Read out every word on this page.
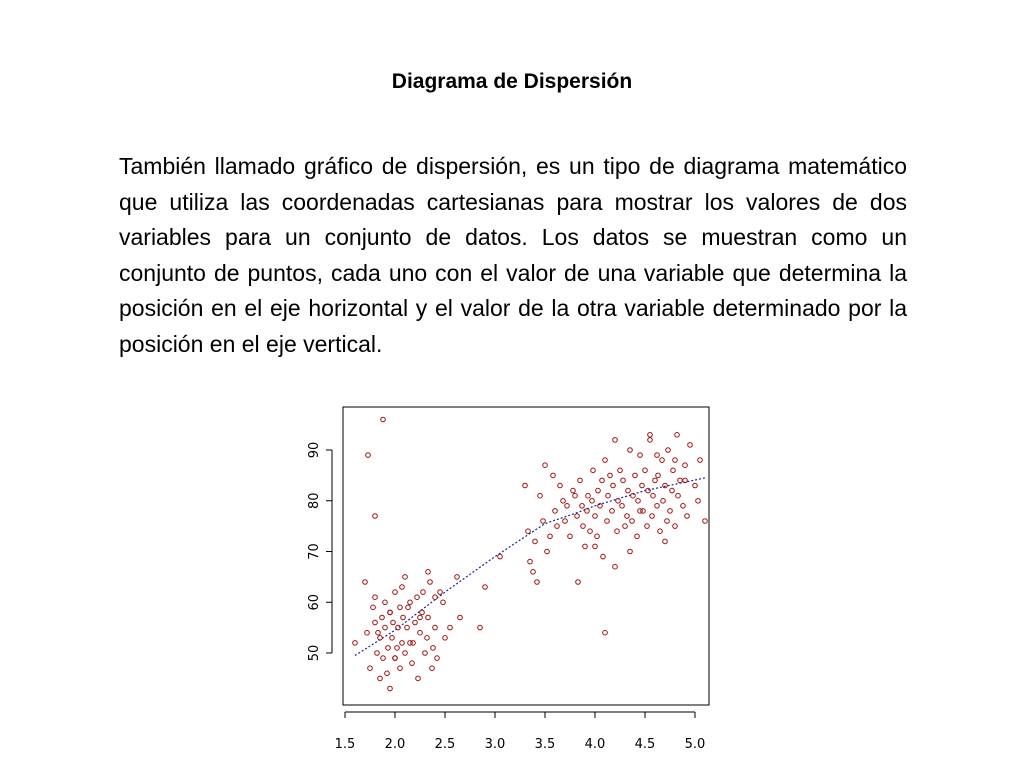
Diagrama de Dispersión
También llamado gráfico de dispersión, es un tipo de diagrama matemático que utiliza las coordenadas cartesianas para mostrar los valores de dos variables para un conjunto de datos. Los datos se muestran como un conjunto de puntos, cada uno con el valor de una variable que determina la posición en el eje horizontal y el valor de la otra variable determinado por la posición en el eje vertical.
1.5 2.0 2.5 3.0 3.5 4.0 4.5 5.0
50
60
70
80
90
